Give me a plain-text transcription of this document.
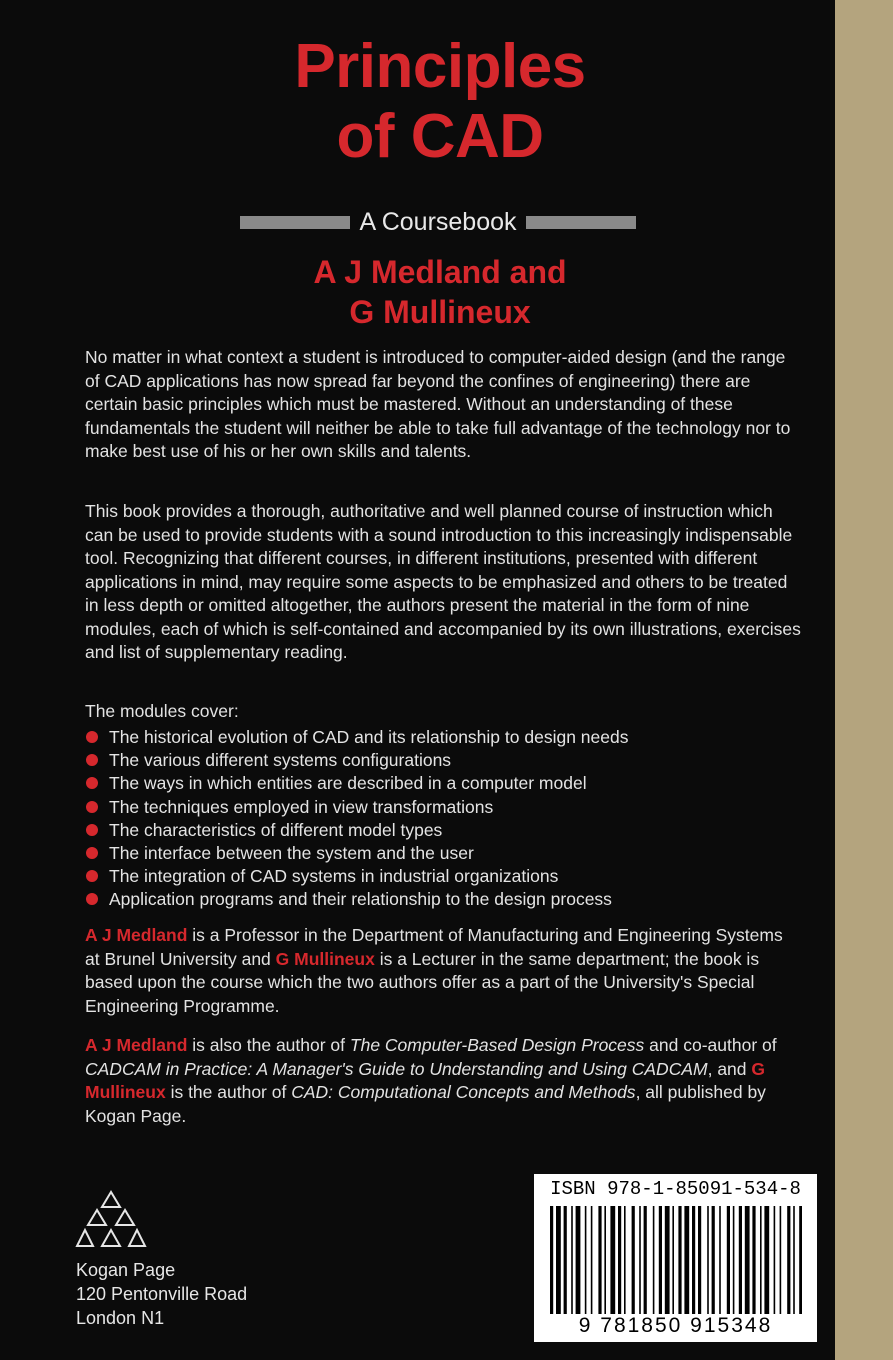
Principles
of CAD
A Coursebook
A J Medland and
G Mullineux
No matter in what context a student is introduced to computer-aided design (and the range of CAD applications has now spread far beyond the confines of engineering) there are certain basic principles which must be mastered. Without an understanding of these fundamentals the student will neither be able to take full advantage of the technology nor to make best use of his or her own skills and talents.
This book provides a thorough, authoritative and well planned course of instruction which can be used to provide students with a sound introduction to this increasingly indispensable tool. Recognizing that different courses, in different institutions, presented with different applications in mind, may require some aspects to be emphasized and others to be treated in less depth or omitted altogether, the authors present the material in the form of nine modules, each of which is self-contained and accompanied by its own illustrations, exercises and list of supplementary reading.
The modules cover:
The historical evolution of CAD and its relationship to design needs
The various different systems configurations
The ways in which entities are described in a computer model
The techniques employed in view transformations
The characteristics of different model types
The interface between the system and the user
The integration of CAD systems in industrial organizations
Application programs and their relationship to the design process
A J Medland is a Professor in the Department of Manufacturing and Engineering Systems at Brunel University and G Mullineux is a Lecturer in the same department; the book is based upon the course which the two authors offer as a part of the University's Special Engineering Programme.
A J Medland is also the author of The Computer-Based Design Process and co-author of CADCAM in Practice: A Manager's Guide to Understanding and Using CADCAM, and G Mullineux is the author of CAD: Computational Concepts and Methods, all published by Kogan Page.
Kogan Page
120 Pentonville Road
London N1
ISBN 978-1-85091-534-8
9 781850 915348
